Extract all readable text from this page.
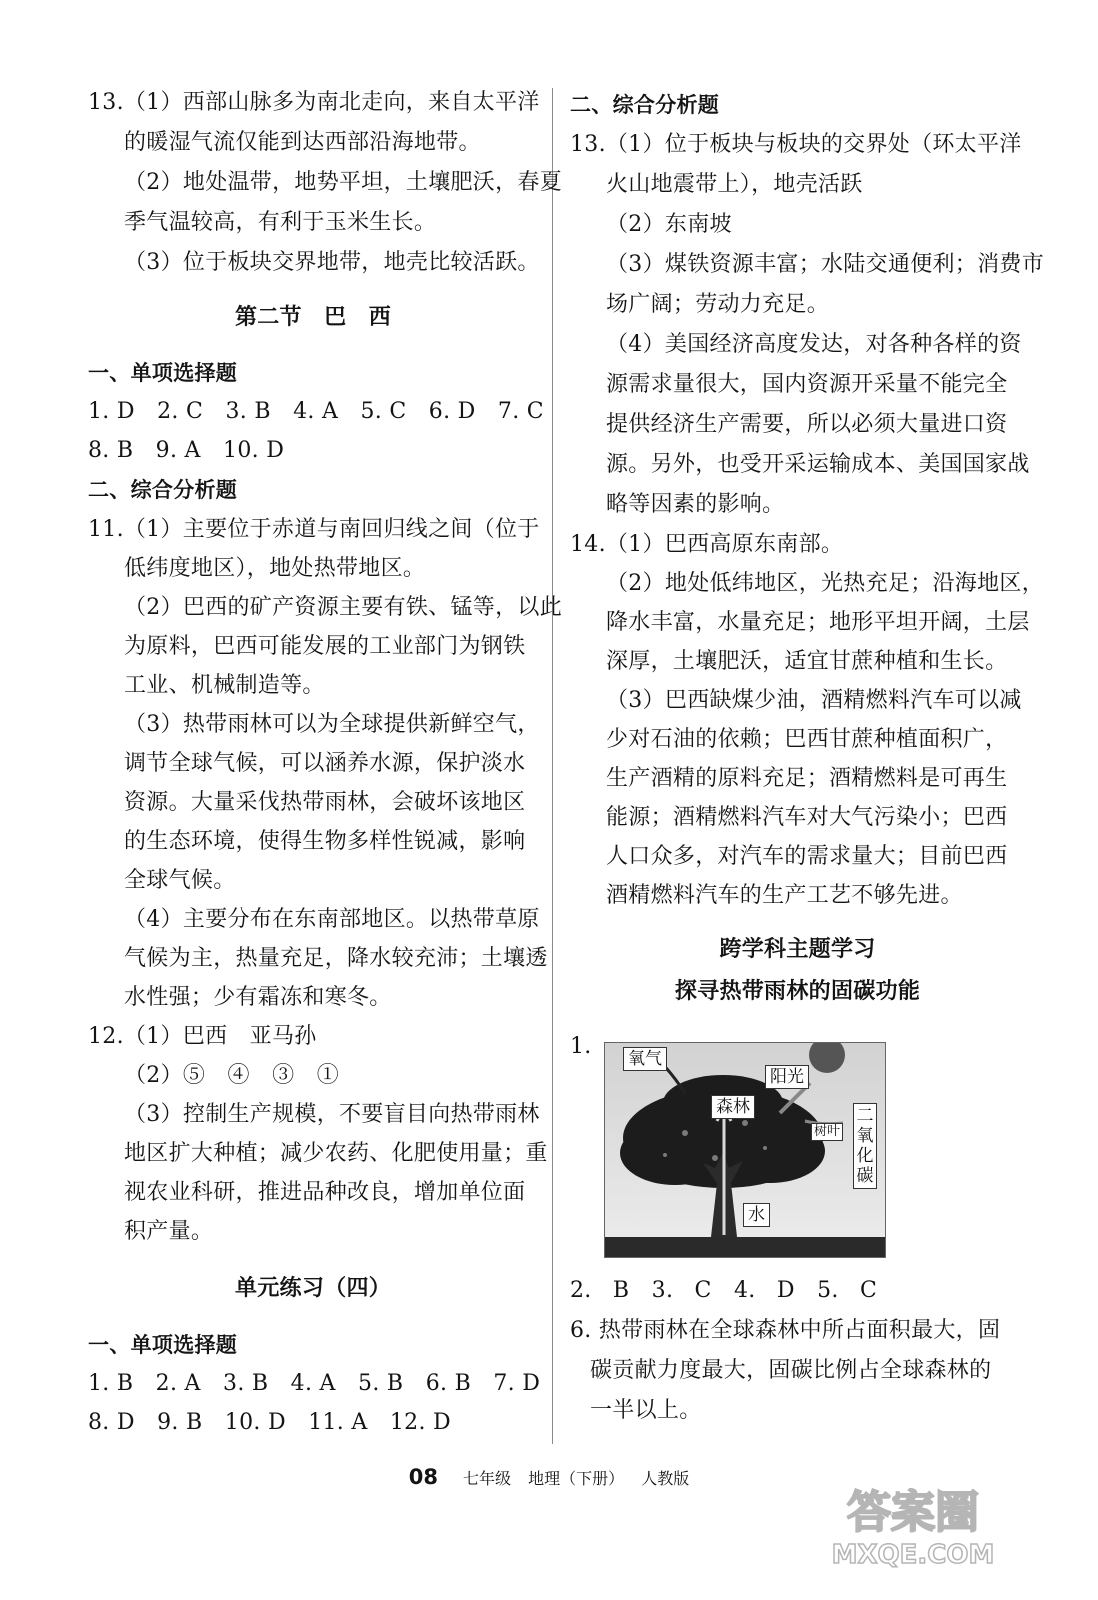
13.（1）西部山脉多为南北走向，来自太平洋
的暖湿气流仅能到达西部沿海地带。
（2）地处温带，地势平坦，土壤肥沃，春夏
季气温较高，有利于玉米生长。
（3）位于板块交界地带，地壳比较活跃。
第二节　巴　西
一、单项选择题
1. D　2. C　3. B　4. A　5. C　6. D　7. C
8. B　9. A　10. D
二、综合分析题
11.（1）主要位于赤道与南回归线之间（位于
低纬度地区），地处热带地区。
（2）巴西的矿产资源主要有铁、锰等，以此
为原料，巴西可能发展的工业部门为钢铁
工业、机械制造等。
（3）热带雨林可以为全球提供新鲜空气，
调节全球气候，可以涵养水源，保护淡水
资源。大量采伐热带雨林，会破坏该地区
的生态环境，使得生物多样性锐减，影响
全球气候。
（4）主要分布在东南部地区。以热带草原
气候为主，热量充足，降水较充沛；土壤透
水性强；少有霜冻和寒冬。
12.（1）巴西　亚马孙
（2）⑤　④　③　①
（3）控制生产规模，不要盲目向热带雨林
地区扩大种植；减少农药、化肥使用量；重
视农业科研，推进品种改良，增加单位面
积产量。
单元练习（四）
一、单项选择题
1. B　2. A　3. B　4. A　5. B　6. B　7. D
8. D　9. B　10. D　11. A　12. D
二、综合分析题
13.（1）位于板块与板块的交界处（环太平洋
火山地震带上），地壳活跃
（2）东南坡
（3）煤铁资源丰富；水陆交通便利；消费市
场广阔；劳动力充足。
（4）美国经济高度发达，对各种各样的资
源需求量很大，国内资源开采量不能完全
提供经济生产需要，所以必须大量进口资
源。另外，也受开采运输成本、美国国家战
略等因素的影响。
14.（1）巴西高原东南部。
（2）地处低纬地区，光热充足；沿海地区，
降水丰富，水量充足；地形平坦开阔，土层
深厚，土壤肥沃，适宜甘蔗种植和生长。
（3）巴西缺煤少油，酒精燃料汽车可以减
少对石油的依赖；巴西甘蔗种植面积广，
生产酒精的原料充足；酒精燃料是可再生
能源；酒精燃料汽车对大气污染小；巴西
人口众多，对汽车的需求量大；目前巴西
酒精燃料汽车的生产工艺不够先进。
跨学科主题学习
探寻热带雨林的固碳功能
1.
2. B　3. C　4. D　5. C
6. 热带雨林在全球森林中所占面积最大，固
碳贡献力度最大，固碳比例占全球森林的
一半以上。
氧气
阳光
森林	二氧化碳
树叶
水
08 七年级 地理（下册） 人教版
答案圈
MXQE.COM
